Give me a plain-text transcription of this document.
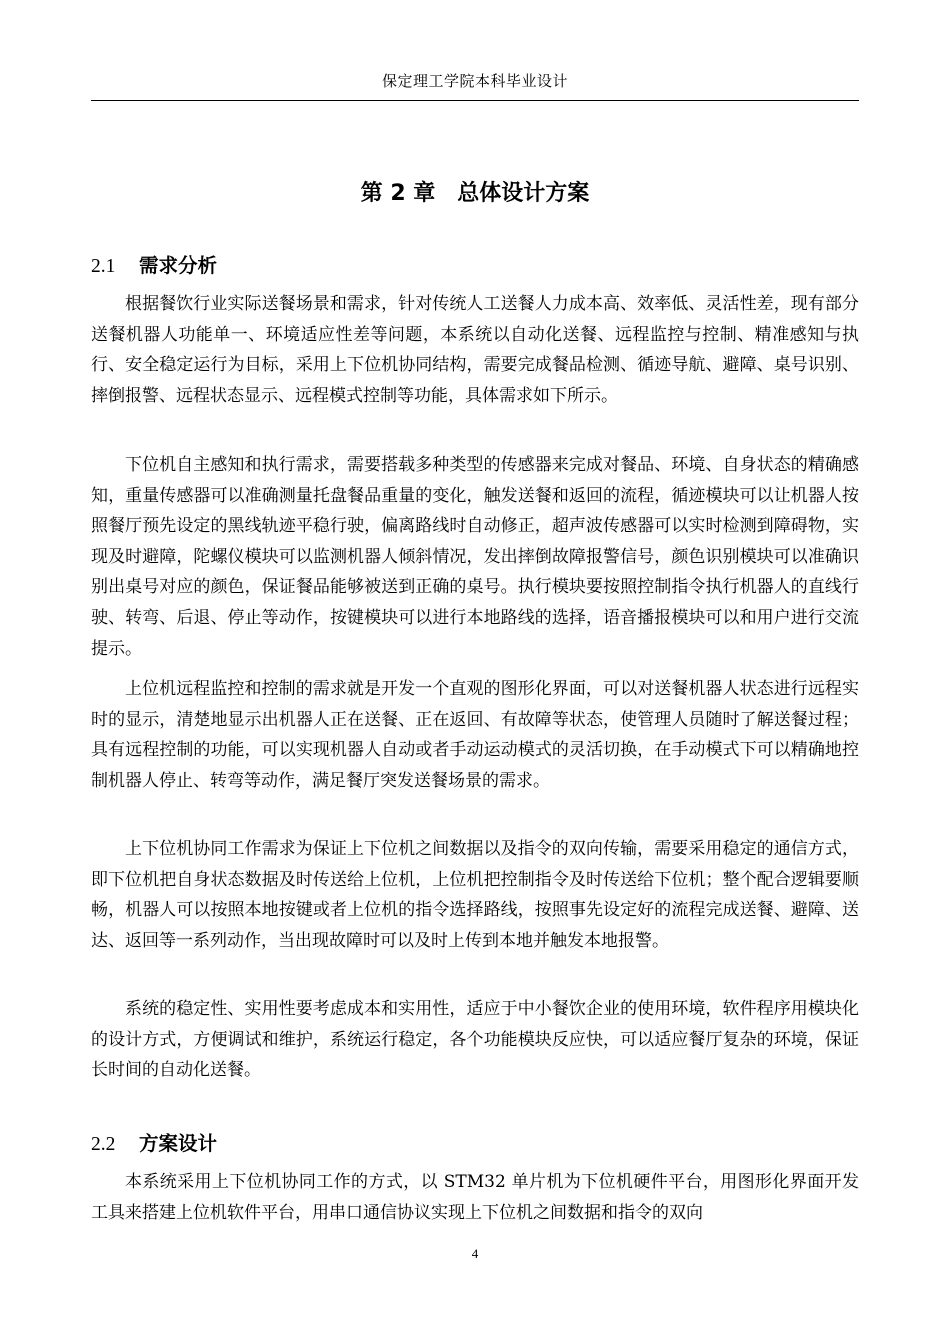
保定理工学院本科毕业设计
第 2 章　总体设计方案
2.1 需求分析

根据餐饮行业实际送餐场景和需求，针对传统人工送餐人力成本高、效率低、灵活性差，现有部分送餐机器人功能单一、环境适应性差等问题，本系统以自动化送餐、远程监控与控制、精准感知与执行、安全稳定运行为目标，采用上下位机协同结构，需要完成餐品检测、循迹导航、避障、桌号识别、摔倒报警、远程状态显示、远程模式控制等功能，具体需求如下所示。

下位机自主感知和执行需求，需要搭载多种类型的传感器来完成对餐品、环境、自身状态的精确感知，重量传感器可以准确测量托盘餐品重量的变化，触发送餐和返回的流程，循迹模块可以让机器人按照餐厅预先设定的黑线轨迹平稳行驶，偏离路线时自动修正，超声波传感器可以实时检测到障碍物，实现及时避障，陀螺仪模块可以监测机器人倾斜情况，发出摔倒故障报警信号，颜色识别模块可以准确识别出桌号对应的颜色，保证餐品能够被送到正确的桌号。执行模块要按照控制指令执行机器人的直线行驶、转弯、后退、停止等动作，按键模块可以进行本地路线的选择，语音播报模块可以和用户进行交流提示。

上位机远程监控和控制的需求就是开发一个直观的图形化界面，可以对送餐机器人状态进行远程实时的显示，清楚地显示出机器人正在送餐、正在返回、有故障等状态，使管理人员随时了解送餐过程；具有远程控制的功能，可以实现机器人自动或者手动运动模式的灵活切换，在手动模式下可以精确地控制机器人停止、转弯等动作，满足餐厅突发送餐场景的需求。

上下位机协同工作需求为保证上下位机之间数据以及指令的双向传输，需要采用稳定的通信方式，即下位机把自身状态数据及时传送给上位机，上位机把控制指令及时传送给下位机；整个配合逻辑要顺畅，机器人可以按照本地按键或者上位机的指令选择路线，按照事先设定好的流程完成送餐、避障、送达、返回等一系列动作，当出现故障时可以及时上传到本地并触发本地报警。

系统的稳定性、实用性要考虑成本和实用性，适应于中小餐饮企业的使用环境，软件程序用模块化的设计方式，方便调试和维护，系统运行稳定，各个功能模块反应快，可以适应餐厅复杂的环境，保证长时间的自动化送餐。

2.2 方案设计

本系统采用上下位机协同工作的方式，以 STM32 单片机为下位机硬件平台，用图形化界面开发工具来搭建上位机软件平台，用串口通信协议实现上下位机之间数据和指令的双向

4
